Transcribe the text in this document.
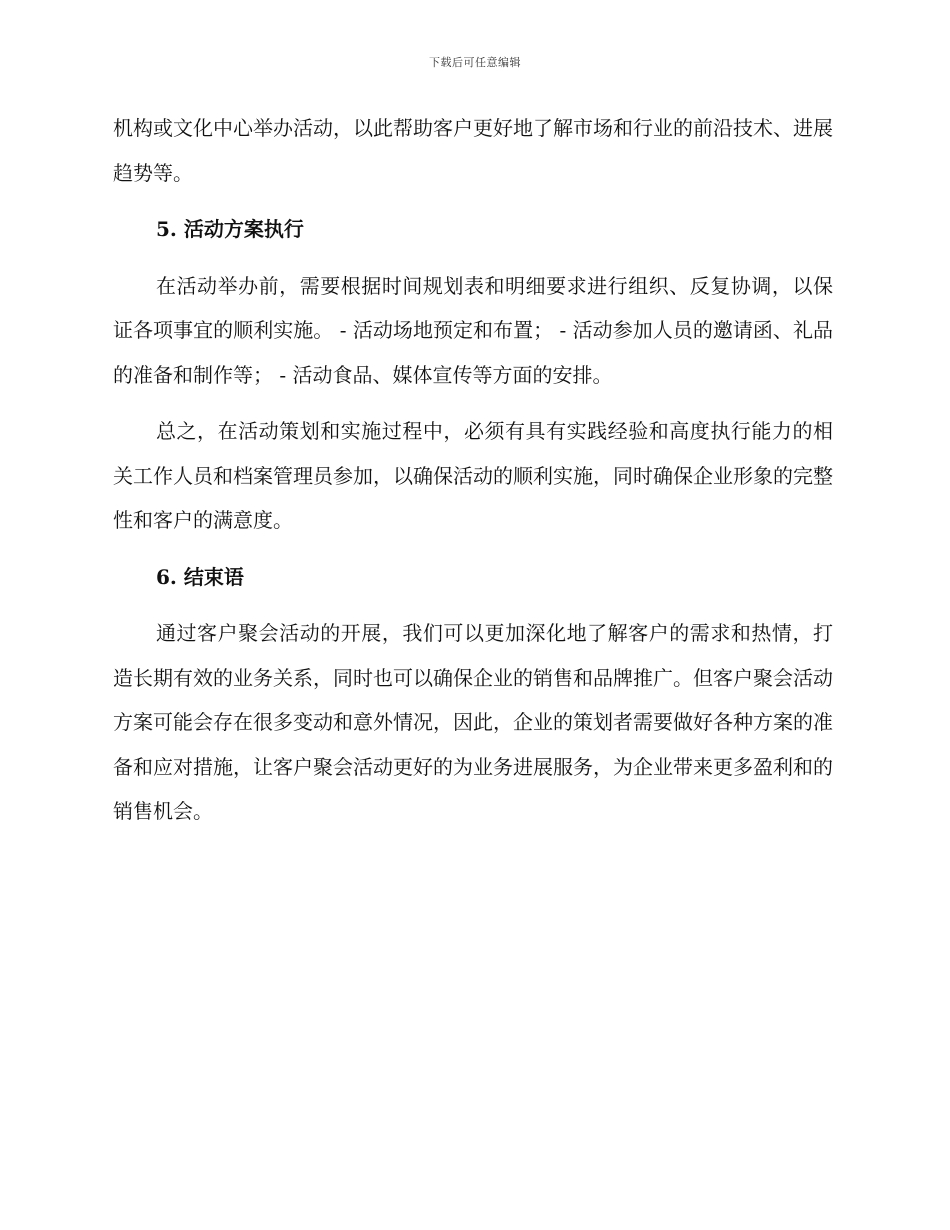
下载后可任意编辑

机构或文化中心举办活动，以此帮助客户更好地了解市场和行业的前沿技术、进展趋势等。

5. 活动方案执行

在活动举办前，需要根据时间规划表和明细要求进行组织、反复协调，以保证各项事宜的顺利实施。 - 活动场地预定和布置； - 活动参加人员的邀请函、礼品的准备和制作等； - 活动食品、媒体宣传等方面的安排。

总之，在活动策划和实施过程中，必须有具有实践经验和高度执行能力的相关工作人员和档案管理员参加，以确保活动的顺利实施，同时确保企业形象的完整性和客户的满意度。

6. 结束语

通过客户聚会活动的开展，我们可以更加深化地了解客户的需求和热情，打造长期有效的业务关系，同时也可以确保企业的销售和品牌推广。但客户聚会活动方案可能会存在很多变动和意外情况，因此，企业的策划者需要做好各种方案的准备和应对措施，让客户聚会活动更好的为业务进展服务，为企业带来更多盈利和的销售机会。
